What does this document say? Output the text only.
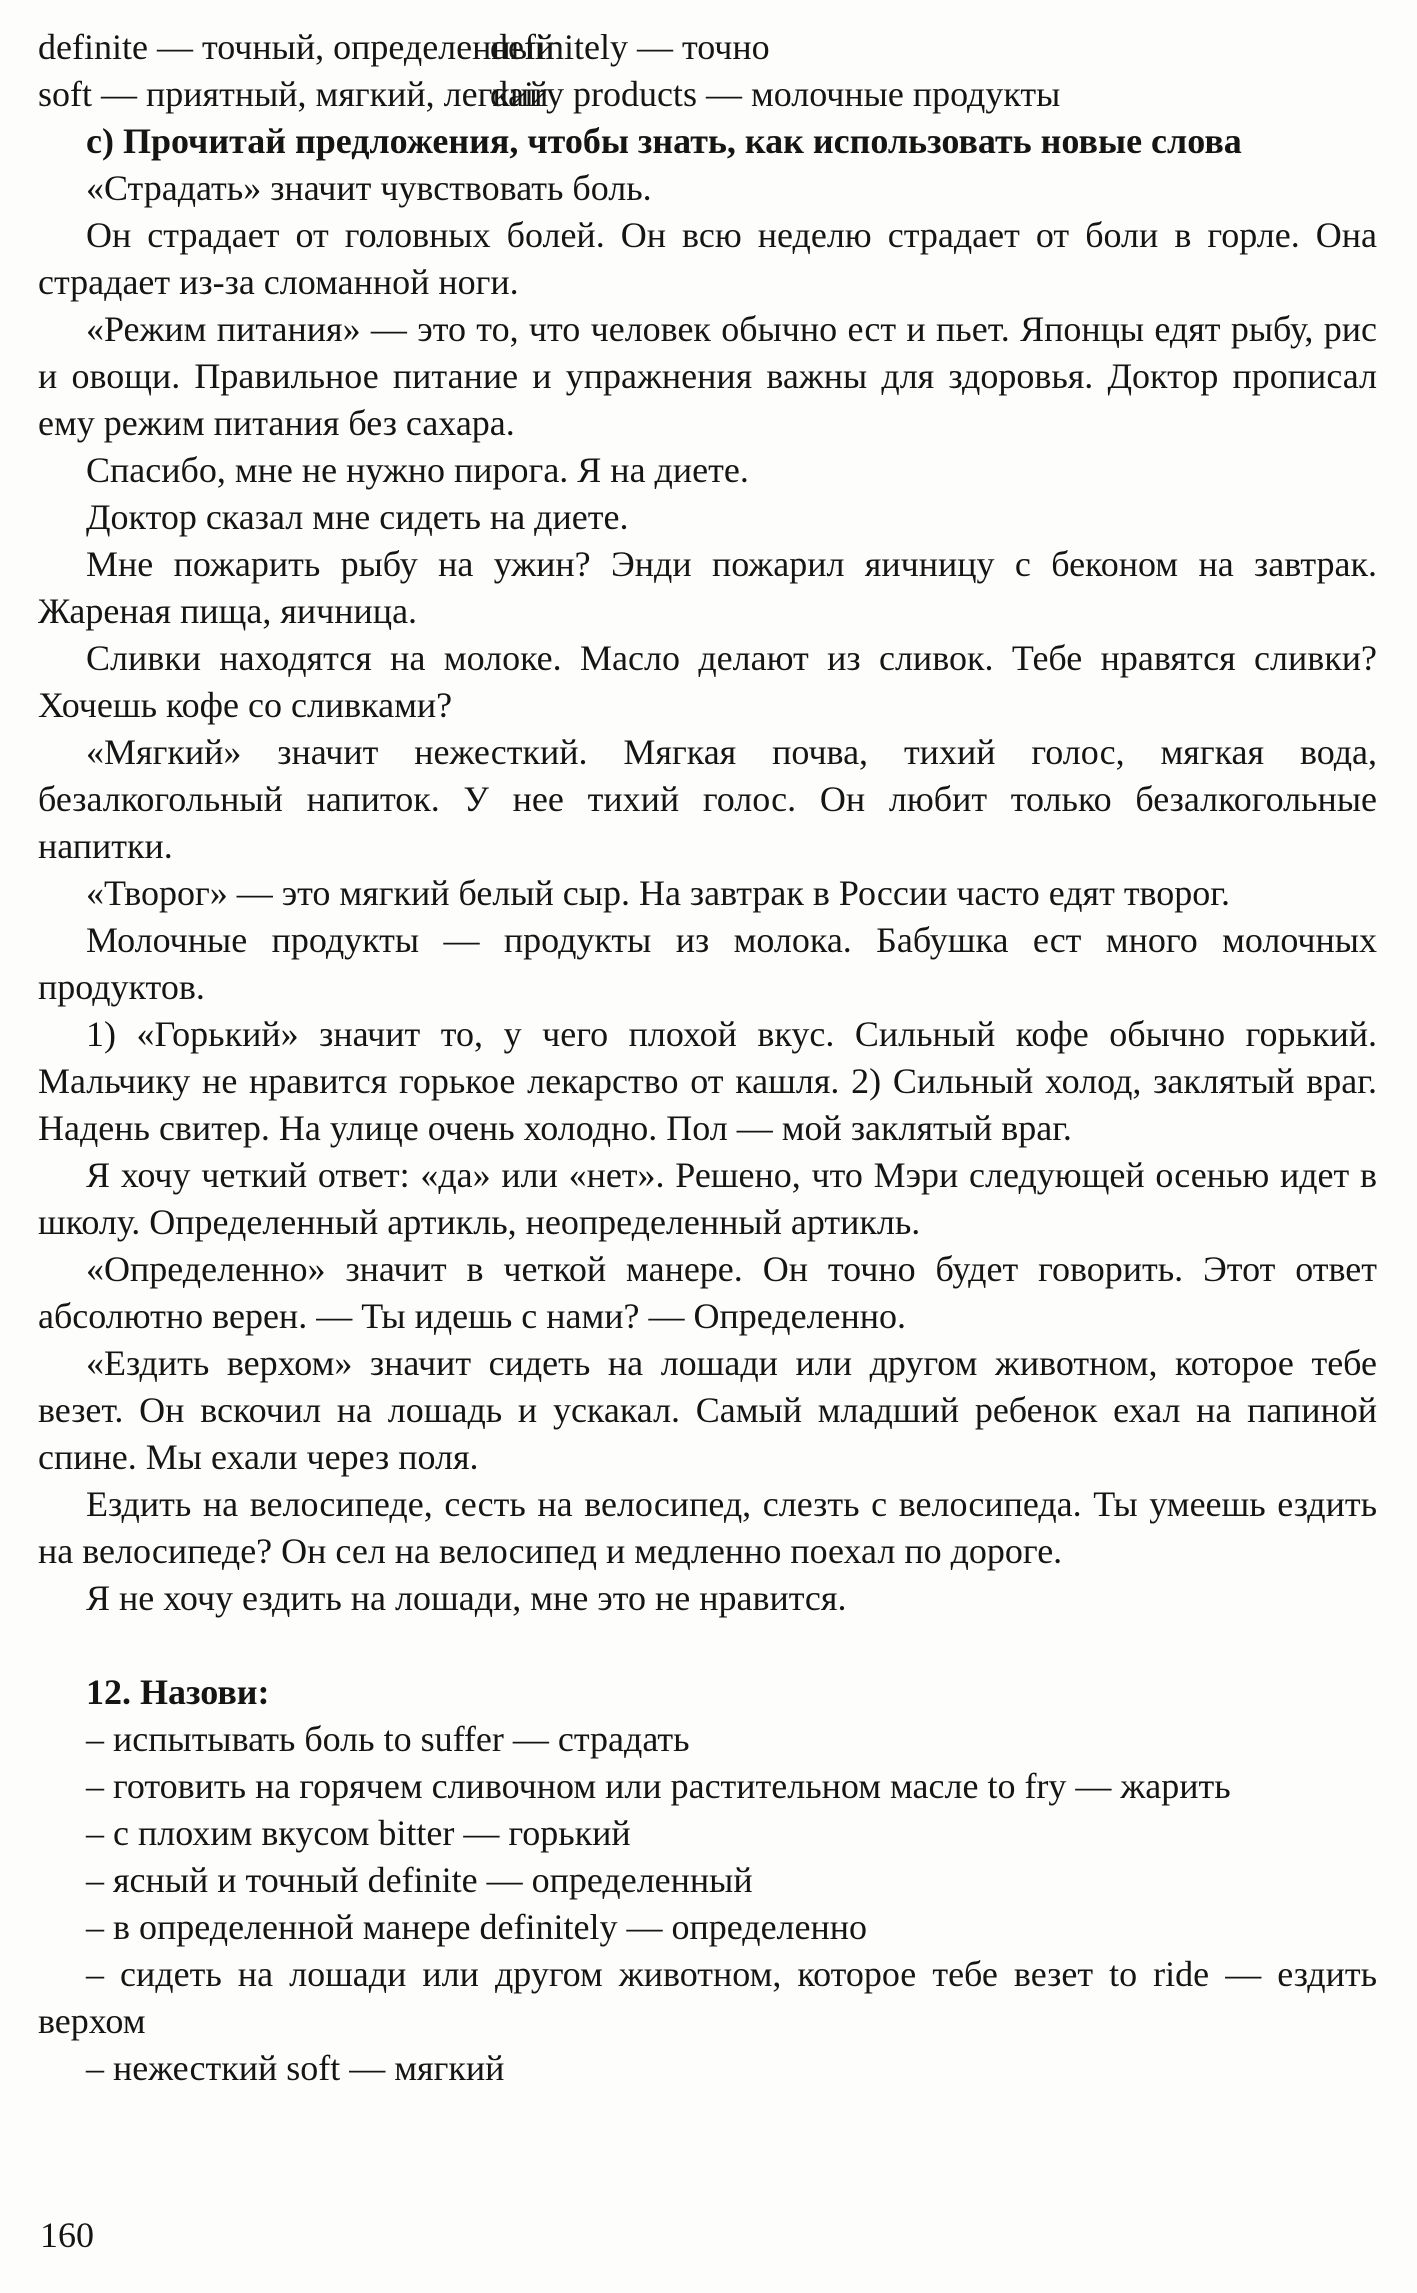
definite — точный, определенный
definitely — точно
soft — приятный, мягкий, легкий
dairy products — молочные продукты

с) Прочитай предложения, чтобы знать, как использовать новые слова

«Страдать» значит чувствовать боль.

Он страдает от головных болей. Он всю неделю страдает от боли в горле. Она страдает из-за сломанной ноги.

«Режим питания» — это то, что человек обычно ест и пьет. Японцы едят рыбу, рис и овощи. Правильное питание и упражнения важны для здоровья. Доктор прописал ему режим питания без сахара.

Спасибо, мне не нужно пирога. Я на диете.

Доктор сказал мне сидеть на диете.

Мне пожарить рыбу на ужин? Энди пожарил яичницу с беконом на завтрак. Жареная пища, яичница.

Сливки находятся на молоке. Масло делают из сливок. Тебе нравятся сливки? Хочешь кофе со сливками?

«Мягкий» значит нежесткий. Мягкая почва, тихий голос, мягкая вода, безалкогольный напиток. У нее тихий голос. Он любит только безалкогольные напитки.

«Творог» — это мягкий белый сыр. На завтрак в России часто едят творог.

Молочные продукты — продукты из молока. Бабушка ест много молочных продуктов.

1) «Горький» значит то, у чего плохой вкус. Сильный кофе обычно горький. Мальчику не нравится горькое лекарство от кашля. 2) Сильный холод, заклятый враг. Надень свитер. На улице очень холодно. Пол — мой заклятый враг.

Я хочу четкий ответ: «да» или «нет». Решено, что Мэри следующей осенью идет в школу. Определенный артикль, неопределенный артикль.

«Определенно» значит в четкой манере. Он точно будет говорить. Этот ответ абсолютно верен. — Ты идешь с нами? — Определенно.

«Ездить верхом» значит сидеть на лошади или другом животном, которое тебе везет. Он вскочил на лошадь и ускакал. Самый младший ребенок ехал на папиной спине. Мы ехали через поля.

Ездить на велосипеде, сесть на велосипед, слезть с велосипеда. Ты умеешь ездить на велосипеде? Он сел на велосипед и медленно поехал по дороге.

Я не хочу ездить на лошади, мне это не нравится.

12. Назови:

– испытывать боль to suffer — страдать

– готовить на горячем сливочном или растительном масле to fry — жарить

– с плохим вкусом bitter — горький

– ясный и точный definite — определенный

– в определенной манере definitely — определенно

– сидеть на лошади или другом животном, которое тебе везет to ride — ездить верхом

– нежесткий soft — мягкий

160
